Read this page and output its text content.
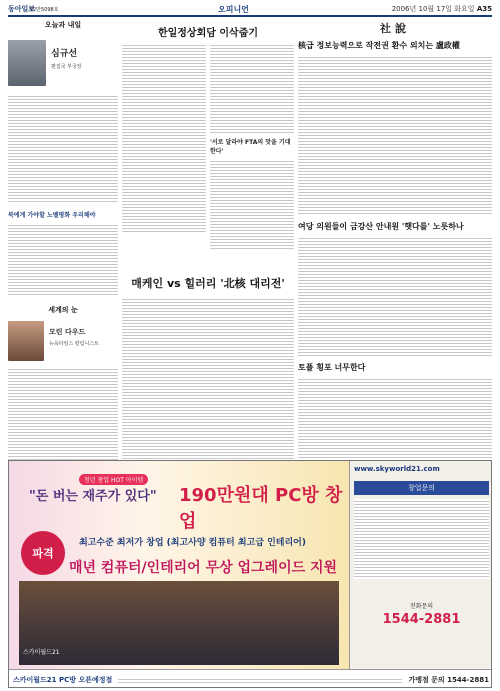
동아일보
제2만5098호	오피니언	2006년 10월 17일 화요일 A35
오늘과 내일
심규선
편집국 부국장
북에게 가야할 노벨평화 우리해야
세계의 눈
모린 다우드
뉴욕타임스 칼럼니스트
한일정상회담 이삭줍기
'서로 달라야 FTA의 맛을 기대한다'
매케인 vs 힐러리 '北核 대리전'
社說
核급 정보능력으로 작전권 환수 외치는 盧政權
여당 의원들이 금강산 안내원 '햇다를' 노릇하나
토플 횡포 너무한다
청년 창업 HOT 아이템
"돈 버는 재주가 있다" 190만원대 PC방 창업
파격
최고수준 최저가 창업 (최고사양 컴퓨터 최고급 인테리어)
매년 컴퓨터/인테리어 무상 업그레이드 지원
스카이월드21
www.skyworld21.com
창업문의
전화문의
1544-2881
스카이월드21 PC방 오픈예정점	가맹점 문의 1544-2881
